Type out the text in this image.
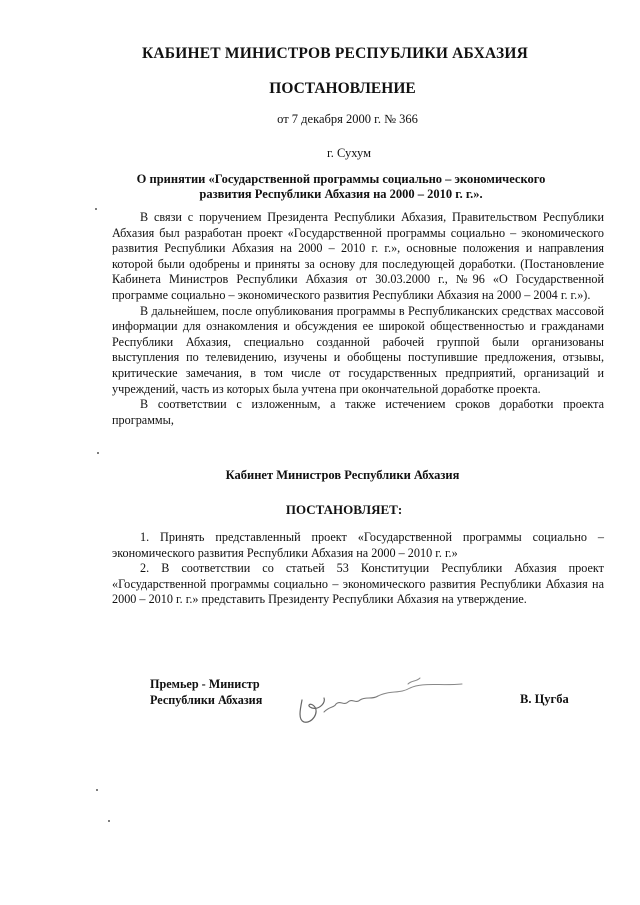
КАБИНЕТ МИНИСТРОВ РЕСПУБЛИКИ АБХАЗИЯ
ПОСТАНОВЛЕНИЕ
от 7 декабря 2000 г. № 366
г. Сухум
О принятии «Государственной программы социально – экономического
развития Республики Абхазия на 2000 – 2010 г. г.».

В связи с поручением Президента Республики Абхазия, Правительством Республики Абхазия был разработан проект «Государственной программы социально – экономического развития Республики Абхазия на 2000 – 2010 г. г.», основные положения и направления которой были одобрены и приняты за основу для последующей доработки. (Постановление Кабинета Министров Республики Абхазия от 30.03.2000 г., №96 «О Государственной программе социально – экономического развития Республики Абхазия на 2000 – 2004 г. г.»).

В дальнейшем, после опубликования программы в Республиканских средствах массовой информации для ознакомления и обсуждения ее широкой общественностью и гражданами Республики Абхазия, специально созданной рабочей группой были организованы выступления по телевидению, изучены и обобщены поступившие предложения, отзывы, критические замечания, в том числе от государственных предприятий, организаций и учреждений, часть из которых была учтена при окончательной доработке проекта.

В соответствии с изложенным, а также истечением сроков доработки проекта программы,

Кабинет Министров Республики Абхазия
ПОСТАНОВЛЯЕТ:

1. Принять представленный проект «Государственной программы социально – экономического развития Республики Абхазия на 2000 – 2010 г. г.»

2. В соответствии со статьей 53 Конституции Республики Абхазия проект «Государственной программы социально – экономического развития Республики Абхазия на 2000 – 2010 г. г.» представить Президенту Республики Абхазия на утверждение.

Премьер - Министр
Республики Абхазия	В. Цугба
